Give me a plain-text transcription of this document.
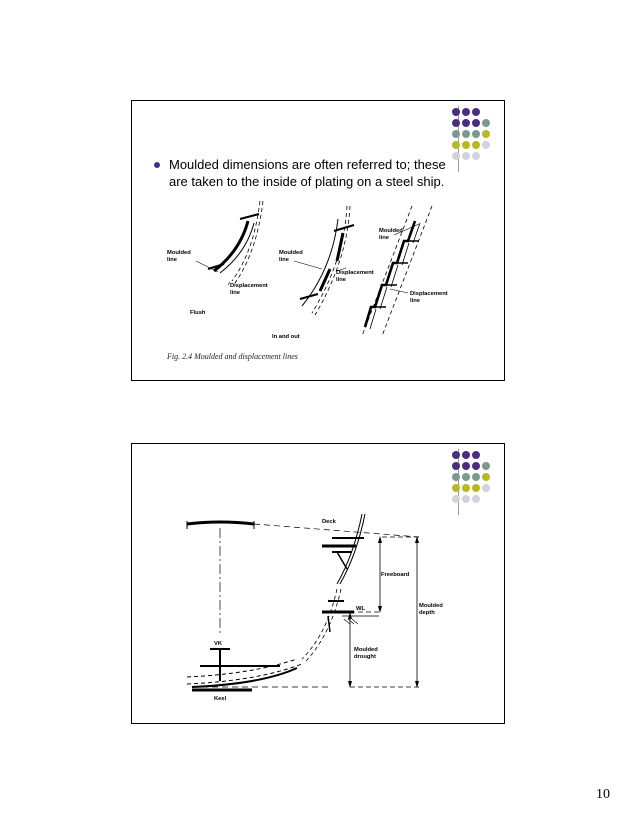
Moulded dimensions are often referred to; these are taken to the inside of plating on a steel ship.
Moulded
line
Displacement
line
Flush
Moulded
line
Displacement
line
In and out
Moulded
line
Displacement
line
Fig. 2.4 Moulded and displacement lines
Deck
Freeboard
WL	Moulded
depth
Moulded
drought
VK
Keel
10
